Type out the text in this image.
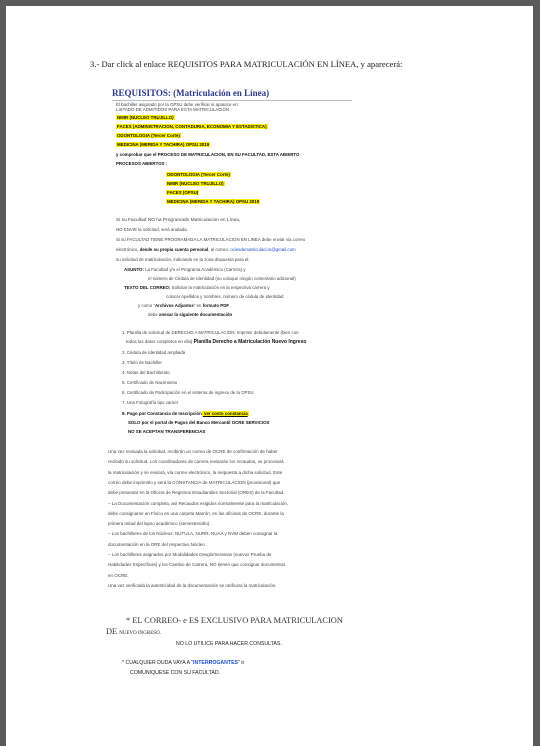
3.- Dar click al enlace REQUISITOS PARA MATRICULACIÓN EN LÍNEA, y aparecerá:
REQUISITOS: (Matriculación en Línea)
El bachiller asignado por la OPSU debe verificar si aparece en:
LISTADO DE ADMITIDOS PARA ESTA MATRICULACION
NMIR (NUCLEO TRUJILLO)
FACES (ADMINISTRACION, CONTADURIA, ECONOMIA Y ESTADISTICA)
ODONTOLOGIA (Tercer Corte)
MEDICINA (MERIDA Y TACHIRA) OPSU 2019
y comprobar que el PROCESO DE MATRICULACION, EN SU FACULTAD, ESTA ABIERTO
PROCESOS ABIERTOS :
ODONTOLOGIA (Tercer Corte)
NMIR (NUCLEO TRUJILLO)
FACES (OPSU)
MEDICINA (MERIDA Y TACHIRA) OPSU 2019
Si su Facultad NO ha Programado Matriculacion en Línea,
NO ENVIE la solicitud, será anulada.
Si su FACULTAD TIENE PROGRAMADA LA MATRICULACION EN LINEA debe enviar via correo
electrónico, desde su propia cuenta personal, al correo: ociesdematriculacion@gmail.com
su solicitud de matriculación, indicando en la zona dispuesta para el:
ASUNTO: La Facultad y/o el Programa Académico (Carrera) y
el número de Cédula de Identidad (no coloque ningún comentario adicional)
TEXTO DEL CORREO: Solicitar la matriculación en la respectiva carrera y
colocar Apellidos y nombres, número de cédula de identidad
y como "Archivos Adjuntos" en formato PDF
debe anexar la siguiente documentación
1. Planilla de solicitud de DERECHO A MATRICULACION: Imprimir debidamente (bien con
todos los datos completos en ella) Planilla Derecho a Matriculación Nuevo Ingreso
2. Cédula de Identidad ampliada
3. Título de Bachiller
4. Notas del Bachillerato
5. Certificado de Nacimiento
6. Certificado de Participación en el sistema de ingreso de la OPSU
7. Una Fotografía tipo carnet
8. Pago por Constancia de Inscripción ver costo constancia
SOLO por el portal de Pagos del Banco Mercantil OCRE SERVICIOS
NO SE ACEPTAN TRANSFERENCIAS
Una vez revisada la solicitud, recibirán un correo de OCRE de confirmación de haber
recibido su solicitud. Los coordinadores de carrera revisarán los recaudos, se procesará
la matriculación y se enviará, vía correo electrónico, la respuesta a dicha solicitud. Este
correo debe imprimirlo y será la CONSTANCIA de MATRICULACION (provisional) que
debe presentar en la Oficina de Registros Estudiantiles Sectorial (ORES) de la Facultad.
– La Documentación completa, así Recaudos exigidos normalmente para la matriculación,
debe consignarse en Físico en una carpeta Marrón, en las oficinas de OCRE, durante la
primera mitad del lapso académico (semestre/año).
– Los bachilleres de los Núcleos: NUTULA, NURR, NUAA y NVM deben consignar la
documentación en la ORE del respectivo Núcleo.
– Los bachilleres asignados por Modalidades Desglomeramas (nuevos Prueba de
Habilidades Específicas) y los Cambio de Carrera, NO tienen que consignar documentos
en OCRE.
Una vez verificada la autenticidad de la documentación se ratificara la matriculación.
* EL CORREO- e ES EXCLUSIVO PARA MATRICULACION
DE NUEVO INGRESO.
NO LO UTILICE PARA HACER CONSULTAS.
* CUALQUIER DUDA VAYA A "INTERROGANTES" o
COMUNIQUESE CON SU FACULTAD.
